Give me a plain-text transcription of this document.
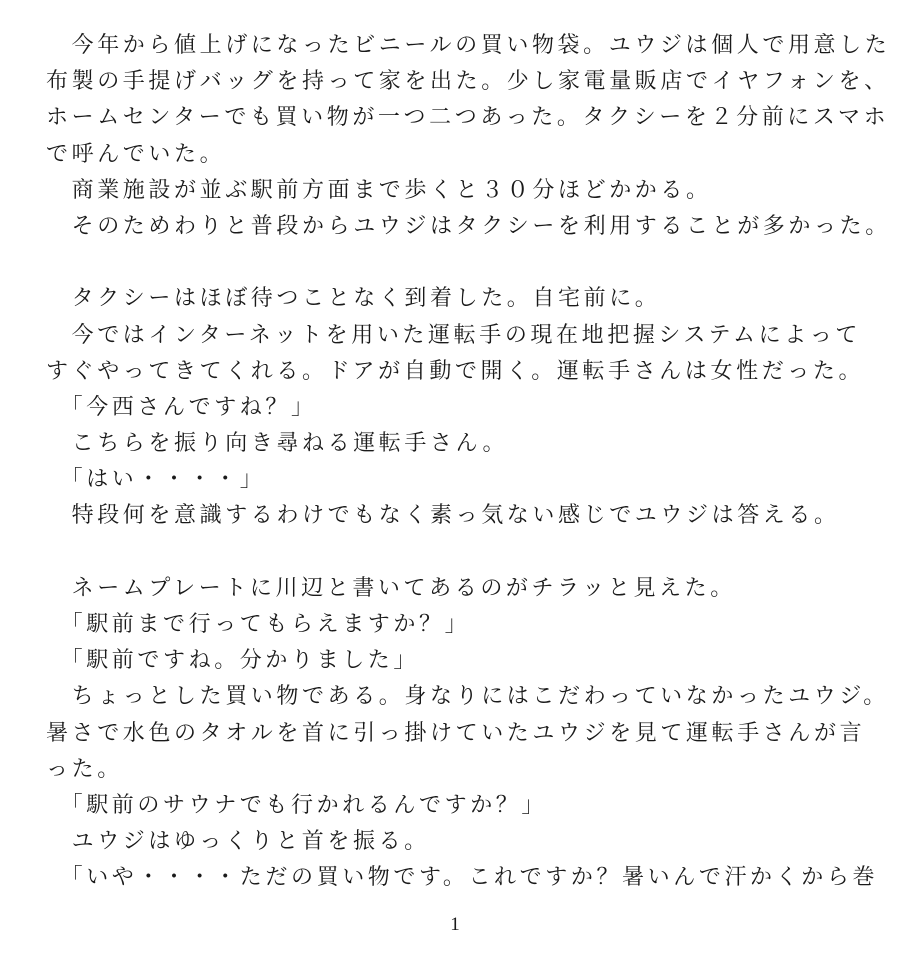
　今年から値上げになったビニールの買い物袋。ユウジは個人で用意した
布製の手提げバッグを持って家を出た。少し家電量販店でイヤフォンを、
ホームセンターでも買い物が一つ二つあった。タクシーを２分前にスマホ
で呼んでいた。
　商業施設が並ぶ駅前方面まで歩くと３０分ほどかかる。
　そのためわりと普段からユウジはタクシーを利用することが多かった。
　タクシーはほぼ待つことなく到着した。自宅前に。
　今ではインターネットを用いた運転手の現在地把握システムによって
すぐやってきてくれる。ドアが自動で開く。運転手さんは女性だった。
　「今西さんですね？」
　こちらを振り向き尋ねる運転手さん。
　「はい・・・・」
　特段何を意識するわけでもなく素っ気ない感じでユウジは答える。
　ネームプレートに川辺と書いてあるのがチラッと見えた。
　「駅前まで行ってもらえますか？」
　「駅前ですね。分かりました」
　ちょっとした買い物である。身なりにはこだわっていなかったユウジ。
暑さで水色のタオルを首に引っ掛けていたユウジを見て運転手さんが言
った。
　「駅前のサウナでも行かれるんですか？」
　ユウジはゆっくりと首を振る。
　「いや・・・・ただの買い物です。これですか？暑いんで汗かくから巻
1
